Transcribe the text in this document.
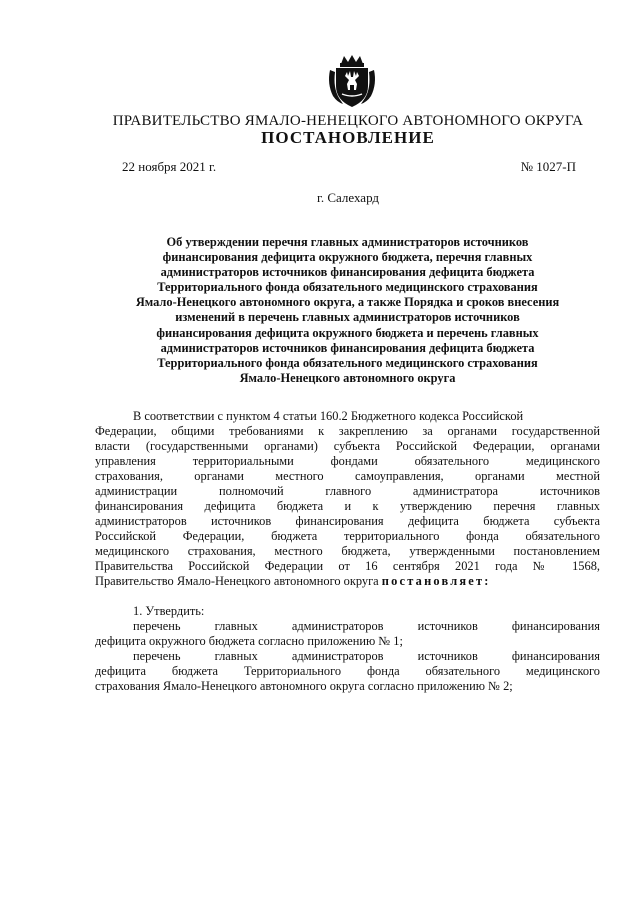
ПРАВИТЕЛЬСТВО ЯМАЛО-НЕНЕЦКОГО АВТОНОМНОГО ОКРУГА
ПОСТАНОВЛЕНИЕ
22 ноября 2021 г.	№ 1027-П
г. Салехард
Об утверждении перечня главных администраторов источников
финансирования дефицита окружного бюджета, перечня главных
администраторов источников финансирования дефицита бюджета
Территориального фонда обязательного медицинского страхования
Ямало-Ненецкого автономного округа, а также Порядка и сроков внесения
изменений в перечень главных администраторов источников
финансирования дефицита окружного бюджета и перечень главных
администраторов источников финансирования дефицита бюджета
Территориального фонда обязательного медицинского страхования
Ямало-Ненецкого автономного округа
В соответствии с пунктом 4 статьи 160.2 Бюджетного кодекса Российской
Федерации, общими требованиями к закреплению за органами государственной
власти (государственными органами) субъекта Российской Федерации, органами
управления территориальными фондами обязательного медицинского
страхования, органами местного самоуправления, органами местной
администрации полномочий главного администратора источников
финансирования дефицита бюджета и к утверждению перечня главных
администраторов источников финансирования дефицита бюджета субъекта
Российской Федерации, бюджета территориального фонда обязательного
медицинского страхования, местного бюджета, утвержденными постановлением
Правительства Российской Федерации от 16 сентября 2021 года № 1568,
Правительство Ямало-Ненецкого автономного округа постановляет:
1. Утвердить:
перечень главных администраторов источников финансирования
дефицита окружного бюджета согласно приложению № 1;
перечень главных администраторов источников финансирования
дефицита бюджета Территориального фонда обязательного медицинского
страхования Ямало-Ненецкого автономного округа согласно приложению № 2;
